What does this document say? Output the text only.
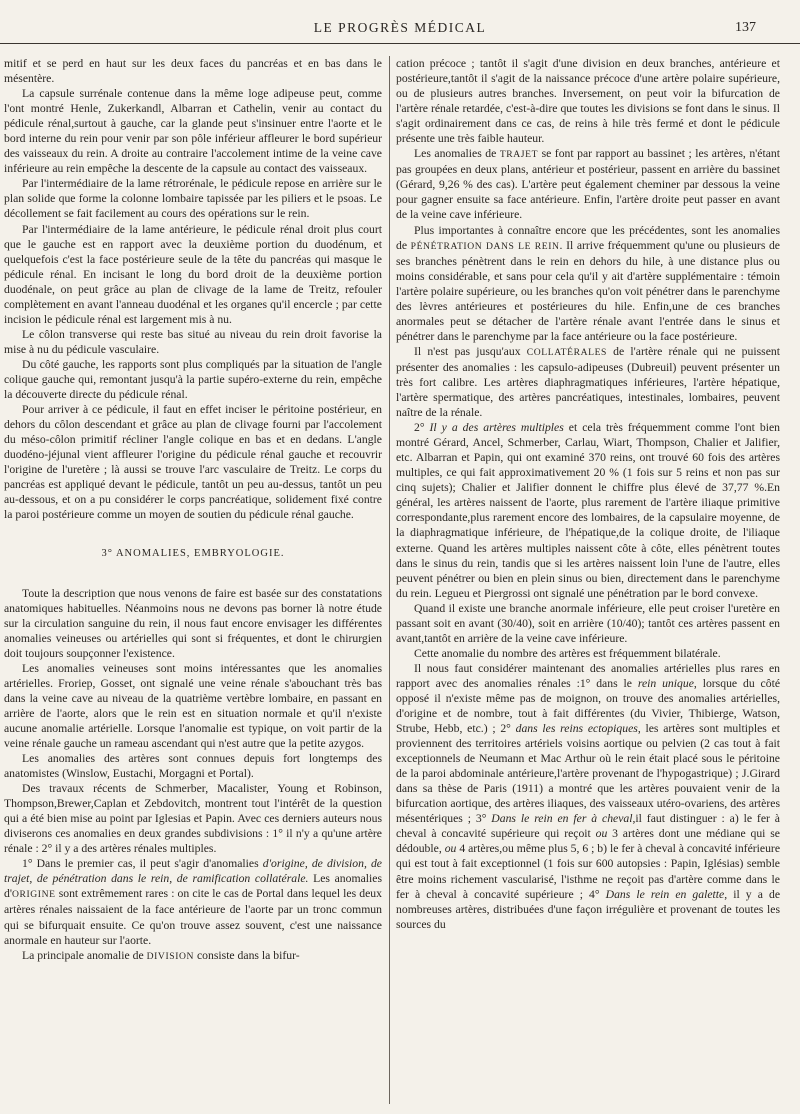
LE PROGRÈS MÉDICAL	137

mitif et se perd en haut sur les deux faces du pancréas et en bas dans le mésentère.

La capsule surrénale contenue dans la même loge adipeuse peut, comme l'ont montré Henle, Zukerkandl, Albarran et Cathelin, venir au contact du pédicule rénal,surtout à gauche, car la glande peut s'insinuer entre l'aorte et le bord interne du rein pour venir par son pôle inférieur affleurer le bord supérieur des vaisseaux du rein. A droite au contraire l'accolement intime de la veine cave inférieure au rein empêche la descente de la capsule au contact des vaisseaux.

Par l'intermédiaire de la lame rétrorénale, le pédicule repose en arrière sur le plan solide que forme la colonne lombaire tapissée par les piliers et le psoas. Le décollement se fait facilement au cours des opérations sur le rein.

Par l'intermédiaire de la lame antérieure, le pédicule rénal droit plus court que le gauche est en rapport avec la deuxième portion du duodénum, et quelquefois c'est la face postérieure seule de la tête du pancréas qui masque le pédicule rénal. En incisant le long du bord droit de la deuxième portion duodénale, on peut grâce au plan de clivage de la lame de Treitz, refouler complètement en avant l'anneau duodénal et les organes qu'il encercle ; par cette incision le pédicule rénal est largement mis à nu.

Le côlon transverse qui reste bas situé au niveau du rein droit favorise la mise à nu du pédicule vasculaire.

Du côté gauche, les rapports sont plus compliqués par la situation de l'angle colique gauche qui, remontant jusqu'à la partie supéro-externe du rein, empêche la découverte directe du pédicule rénal.

Pour arriver à ce pédicule, il faut en effet inciser le péritoine postérieur, en dehors du côlon descendant et grâce au plan de clivage fourni par l'accolement du méso-côlon primitif récliner l'angle colique en bas et en dedans. L'angle duodéno-jéjunal vient affleurer l'origine du pédicule rénal gauche et recouvrir l'origine de l'uretère ; là aussi se trouve l'arc vasculaire de Treitz. Le corps du pancréas est appliqué devant le pédicule, tantôt un peu au-dessus, tantôt un peu au-dessous, et on a pu considérer le corps pancréatique, solidement fixé contre la paroi postérieure comme un moyen de soutien du pédicule rénal gauche.

3° ANOMALIES, EMBRYOLOGIE.

Toute la description que nous venons de faire est basée sur des constatations anatomiques habituelles. Néanmoins nous ne devons pas borner là notre étude sur la circulation sanguine du rein, il nous faut encore envisager les différentes anomalies veineuses ou artérielles qui sont si fréquentes, et dont le chirurgien doit toujours soupçonner l'existence.

Les anomalies veineuses sont moins intéressantes que les anomalies artérielles. Froriep, Gosset, ont signalé une veine rénale s'abouchant très bas dans la veine cave au niveau de la quatrième vertèbre lombaire, en passant en arrière de l'aorte, alors que le rein est en situation normale et qu'il n'existe aucune anomalie artérielle. Lorsque l'anomalie est typique, on voit partir de la veine rénale gauche un rameau ascendant qui n'est autre que la petite azygos.

Les anomalies des artères sont connues depuis fort longtemps des anatomistes (Winslow, Eustachi, Morgagni et Portal).

Des travaux récents de Schmerber, Macalister, Young et Robinson, Thompson,Brewer,Caplan et Zebdovitch, montrent tout l'intérêt de la question qui a été bien mise au point par Iglesias et Papin. Avec ces derniers auteurs nous diviserons ces anomalies en deux grandes subdivisions : 1° il n'y a qu'une artère rénale : 2° il y a des artères rénales multiples.

1° Dans le premier cas, il peut s'agir d'anomalies d'origine, de division, de trajet, de pénétration dans le rein, de ramification collatérale. Les anomalies d'ORIGINE sont extrêmement rares : on cite le cas de Portal dans lequel les deux artères rénales naissaient de la face antérieure de l'aorte par un tronc commun qui se bifurquait ensuite. Ce qu'on trouve assez souvent, c'est une naissance anormale en hauteur sur l'aorte.

La principale anomalie de DIVISION consiste dans la bifur-

cation précoce ; tantôt il s'agit d'une division en deux branches, antérieure et postérieure,tantôt il s'agit de la naissance précoce d'une artère polaire supérieure, ou de plusieurs autres branches. Inversement, on peut voir la bifurcation de l'artère rénale retardée, c'est-à-dire que toutes les divisions se font dans le sinus. Il s'agit ordinairement dans ce cas, de reins à hile très fermé et dont le pédicule présente une très faible hauteur.

Les anomalies de TRAJET se font par rapport au bassinet ; les artères, n'étant pas groupées en deux plans, antérieur et postérieur, passent en arrière du bassinet (Gérard, 9,26 % des cas). L'artère peut également cheminer par dessous la veine pour gagner ensuite sa face antérieure. Enfin, l'artère droite peut passer en avant de la veine cave inférieure.

Plus importantes à connaître encore que les précédentes, sont les anomalies de PÉNÉTRATION DANS LE REIN. Il arrive fréquemment qu'une ou plusieurs de ses branches pénètrent dans le rein en dehors du hile, à une distance plus ou moins considérable, et sans pour cela qu'il y ait d'artère supplémentaire : témoin l'artère polaire supérieure, ou les branches qu'on voit pénétrer dans le parenchyme des lèvres antérieures et postérieures du hile. Enfin,une de ces branches anormales peut se détacher de l'artère rénale avant l'entrée dans le sinus et pénétrer dans le parenchyme par la face antérieure ou la face postérieure.

Il n'est pas jusqu'aux COLLATÉRALES de l'artère rénale qui ne puissent présenter des anomalies : les capsulo-adipeuses (Dubreuil) peuvent présenter un très fort calibre. Les artères diaphragmatiques inférieures, l'artère hépatique, l'artère spermatique, des artères pancréatiques, intestinales, lombaires, peuvent naître de la rénale.

2° Il y a des artères multiples et cela très fréquemment comme l'ont bien montré Gérard, Ancel, Schmerber, Carlau, Wiart, Thompson, Chalier et Jalifier, etc. Albarran et Papin, qui ont examiné 370 reins, ont trouvé 60 fois des artères multiples, ce qui fait approximativement 20 % (1 fois sur 5 reins et non pas sur cinq sujets); Chalier et Jalifier donnent le chiffre plus élevé de 37,77 %.En général, les artères naissent de l'aorte, plus rarement de l'artère iliaque primitive correspondante,plus rarement encore des lombaires, de la capsulaire moyenne, de la diaphragmatique inférieure, de l'hépatique,de la colique droite, de l'iliaque externe. Quand les artères multiples naissent côte à côte, elles pénètrent toutes dans le sinus du rein, tandis que si les artères naissent loin l'une de l'autre, elles peuvent pénétrer ou bien en plein sinus ou bien, directement dans le parenchyme du rein. Legueu et Piergrossi ont signalé une pénétration par le bord convexe.

Quand il existe une branche anormale inférieure, elle peut croiser l'uretère en passant soit en avant (30/40), soit en arrière (10/40); tantôt ces artères passent en avant,tantôt en arrière de la veine cave inférieure.

Cette anomalie du nombre des artères est fréquemment bilatérale.

Il nous faut considérer maintenant des anomalies artérielles plus rares en rapport avec des anomalies rénales :1° dans le rein unique, lorsque du côté opposé il n'existe même pas de moignon, on trouve des anomalies artérielles, d'origine et de nombre, tout à fait différentes (du Vivier, Thibierge, Watson, Strube, Hebb, etc.) ; 2° dans les reins ectopiques, les artères sont multiples et proviennent des territoires artériels voisins aortique ou pelvien (2 cas tout à fait exceptionnels de Neumann et Mac Arthur où le rein était placé sous le péritoine de la paroi abdominale antérieure,l'artère provenant de l'hypogastrique) ; J.Girard dans sa thèse de Paris (1911) a montré que les artères pouvaient venir de la bifurcation aortique, des artères iliaques, des vaisseaux utéro-ovariens, des artères mésentériques ; 3° Dans le rein en fer à cheval,il faut distinguer : a) le fer à cheval à concavité supérieure qui reçoit ou 3 artères dont une médiane qui se dédouble, ou 4 artères,ou même plus 5, 6 ; b) le fer à cheval à concavité inférieure qui est tout à fait exceptionnel (1 fois sur 600 autopsies : Papin, Iglésias) semble être moins richement vascularisé, l'isthme ne reçoit pas d'artère comme dans le fer à cheval à concavité supérieure ; 4° Dans le rein en galette, il y a de nombreuses artères, distribuées d'une façon irrégulière et provenant de toutes les sources du
